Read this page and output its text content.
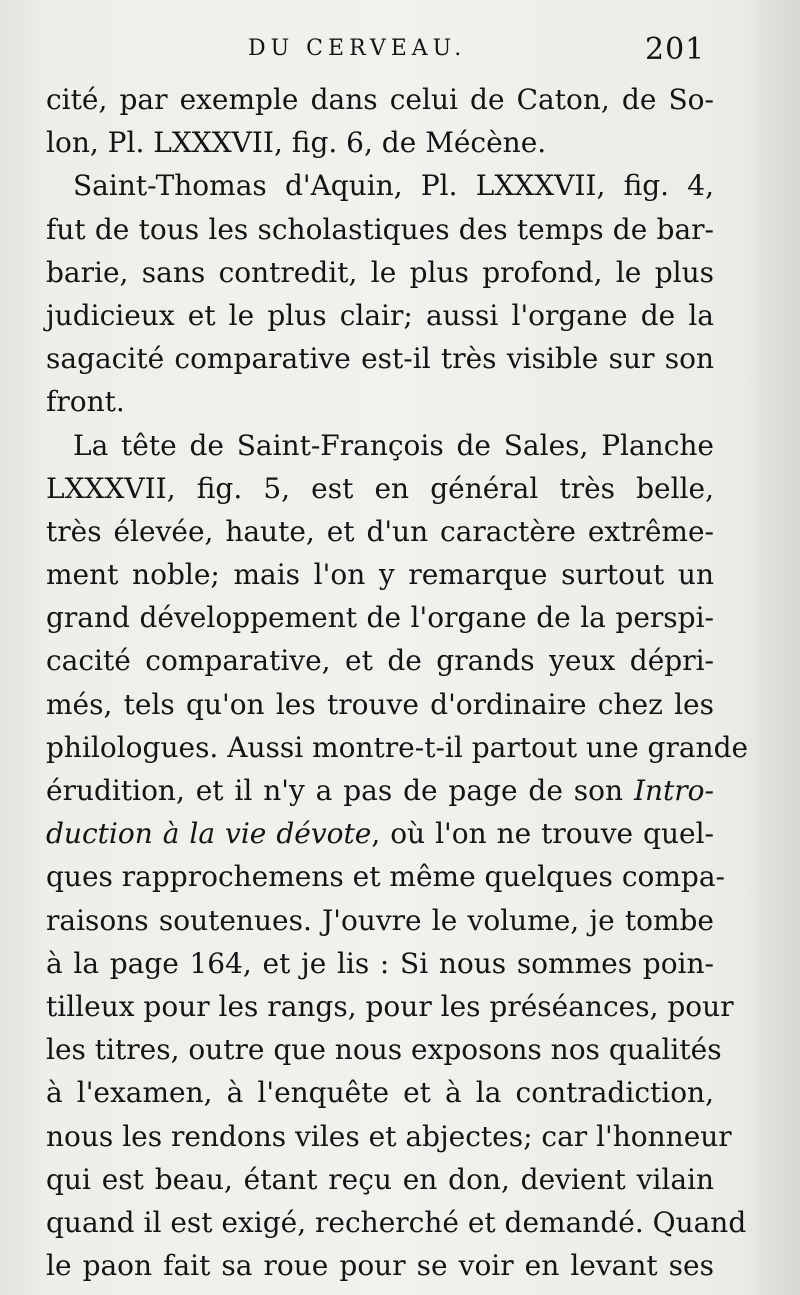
DU CERVEAU.	201
cité, par exemple dans celui de Caton, de So-
lon, Pl. LXXXVII, fig. 6, de Mécène.
Saint-Thomas d'Aquin, Pl. LXXXVII, fig. 4,
fut de tous les scholastiques des temps de bar-
barie, sans contredit, le plus profond, le plus
judicieux et le plus clair; aussi l'organe de la
sagacité comparative est-il très visible sur son
front.
La tête de Saint-François de Sales, Planche
LXXXVII, fig. 5, est en général très belle,
très élevée, haute, et d'un caractère extrême-
ment noble; mais l'on y remarque surtout un
grand développement de l'organe de la perspi-
cacité comparative, et de grands yeux dépri-
més, tels qu'on les trouve d'ordinaire chez les
philologues. Aussi montre-t-il partout une grande
érudition, et il n'y a pas de page de son Intro-
duction à la vie dévote, où l'on ne trouve quel-
ques rapprochemens et même quelques compa-
raisons soutenues. J'ouvre le volume, je tombe
à la page 164, et je lis : Si nous sommes poin-
tilleux pour les rangs, pour les préséances, pour
les titres, outre que nous exposons nos qualités
à l'examen, à l'enquête et à la contradiction,
nous les rendons viles et abjectes; car l'honneur
qui est beau, étant reçu en don, devient vilain
quand il est exigé, recherché et demandé. Quand
le paon fait sa roue pour se voir en levant ses
